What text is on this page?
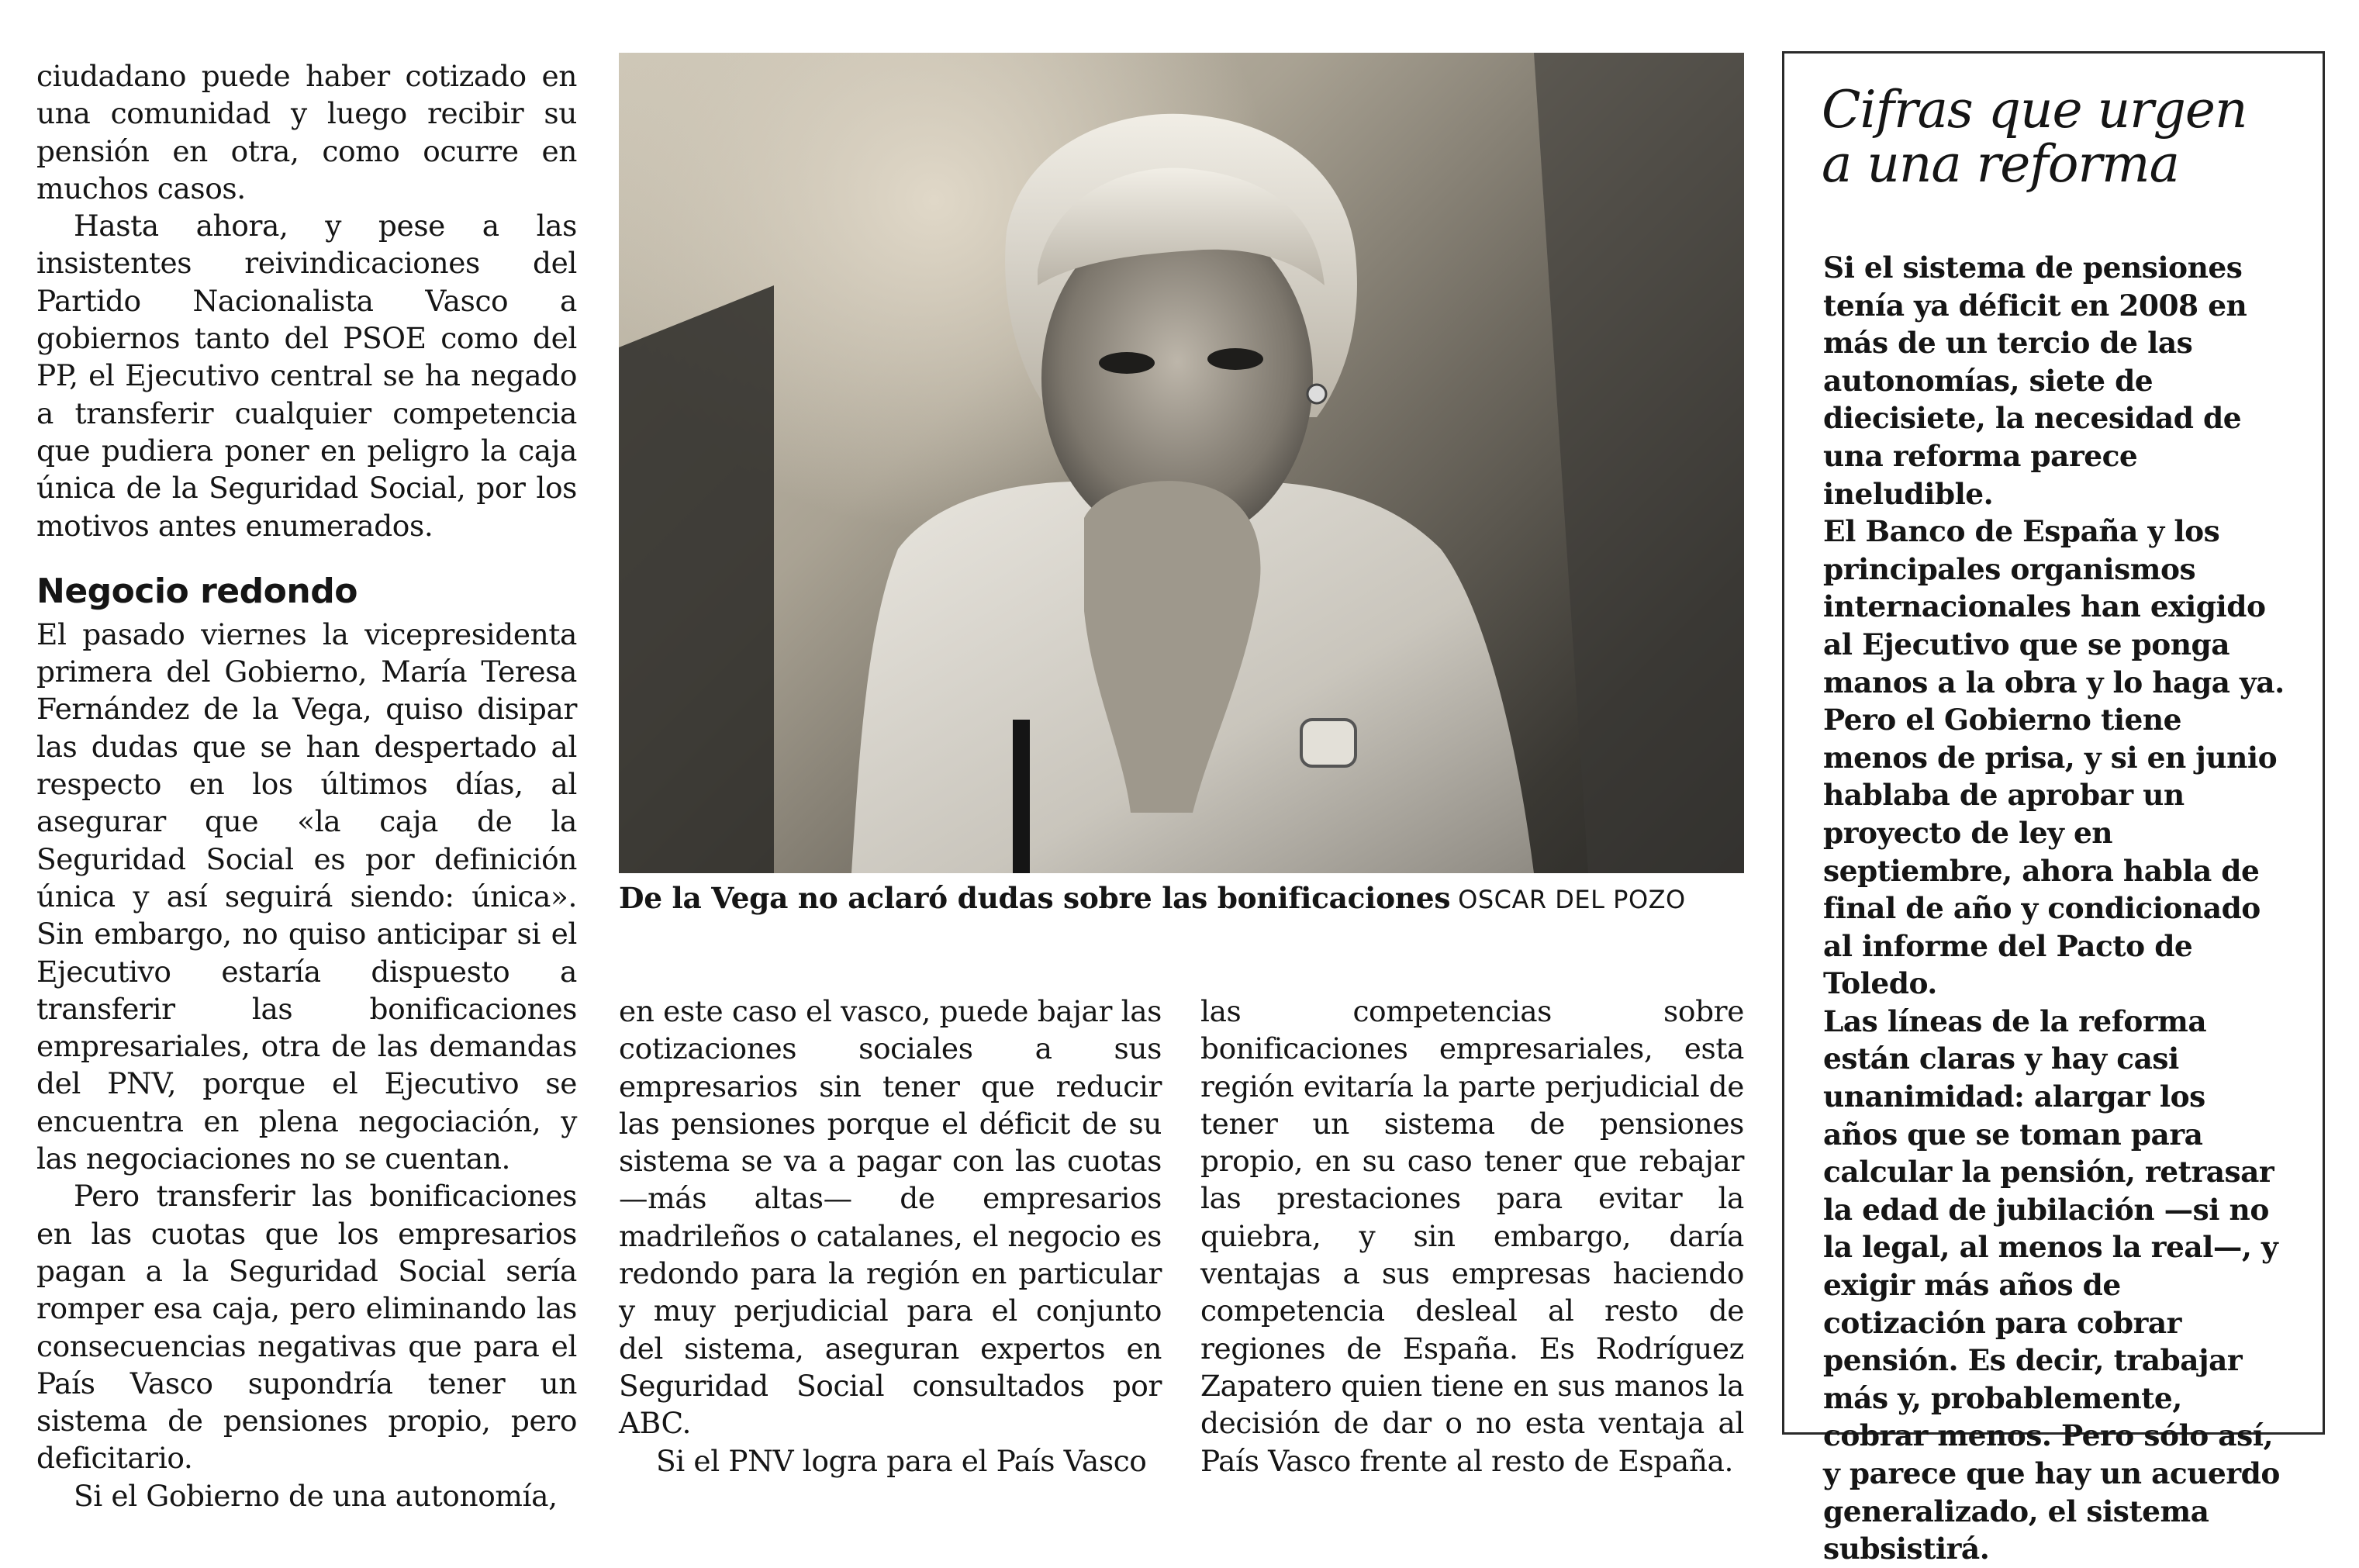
ciudadano puede haber cotizado en una comunidad y luego recibir su pensión en otra, como ocurre en muchos casos.

Hasta ahora, y pese a las insistentes reivindicaciones del Partido Nacionalista Vasco a gobiernos tanto del PSOE como del PP, el Ejecutivo central se ha negado a transferir cualquier competencia que pudiera poner en peligro la caja única de la Seguridad Social, por los motivos antes enumerados.

Negocio redondo

El pasado viernes la vicepresidenta primera del Gobierno, María Teresa Fernández de la Vega, quiso disipar las dudas que se han despertado al respecto en los últimos días, al asegurar que «la caja de la Seguridad Social es por definición única y así seguirá siendo: única». Sin embargo, no quiso anticipar si el Ejecutivo estaría dispuesto a transferir las bonificaciones empresariales, otra de las demandas del PNV, porque el Ejecutivo se encuentra en plena negociación, y las negociaciones no se cuentan.

Pero transferir las bonificaciones en las cuotas que los empresarios pagan a la Seguridad Social sería romper esa caja, pero eliminando las consecuencias negativas que para el País Vasco supondría tener un sistema de pensiones propio, pero deficitario.

Si el Gobierno de una autonomía,

De la Vega no aclaró dudas sobre las bonificaciones OSCAR DEL POZO

en este caso el vasco, puede bajar las cotizaciones sociales a sus empresarios sin tener que reducir las pensiones porque el déficit de su sistema se va a pagar con las cuotas —más altas— de empresarios madrileños o catalanes, el negocio es redondo para la región en particular y muy perjudicial para el conjunto del sistema, aseguran expertos en Seguridad Social consultados por ABC.

Si el PNV logra para el País Vasco

las competencias sobre bonificaciones empresariales, esta región evitaría la parte perjudicial de tener un sistema de pensiones propio, en su caso tener que rebajar las prestaciones para evitar la quiebra, y sin embargo, daría ventajas a sus empresas haciendo competencia desleal al resto de regiones de España. Es Rodríguez Zapatero quien tiene en sus manos la decisión de dar o no esta ventaja al País Vasco frente al resto de España.

Cifras que urgen a una reforma

Si el sistema de pensiones tenía ya déficit en 2008 en más de un tercio de las autonomías, siete de diecisiete, la necesidad de una reforma parece ineludible.

El Banco de España y los principales organismos internacionales han exigido al Ejecutivo que se ponga manos a la obra y lo haga ya. Pero el Gobierno tiene menos de prisa, y si en junio hablaba de aprobar un proyecto de ley en septiembre, ahora habla de final de año y condicionado al informe del Pacto de Toledo.

Las líneas de la reforma están claras y hay casi unanimidad: alargar los años que se toman para calcular la pensión, retrasar la edad de jubilación —si no la legal, al menos la real—, y exigir más años de cotización para cobrar pensión. Es decir, trabajar más y, probablemente, cobrar menos. Pero sólo así, y parece que hay un acuerdo generalizado, el sistema subsistirá.
